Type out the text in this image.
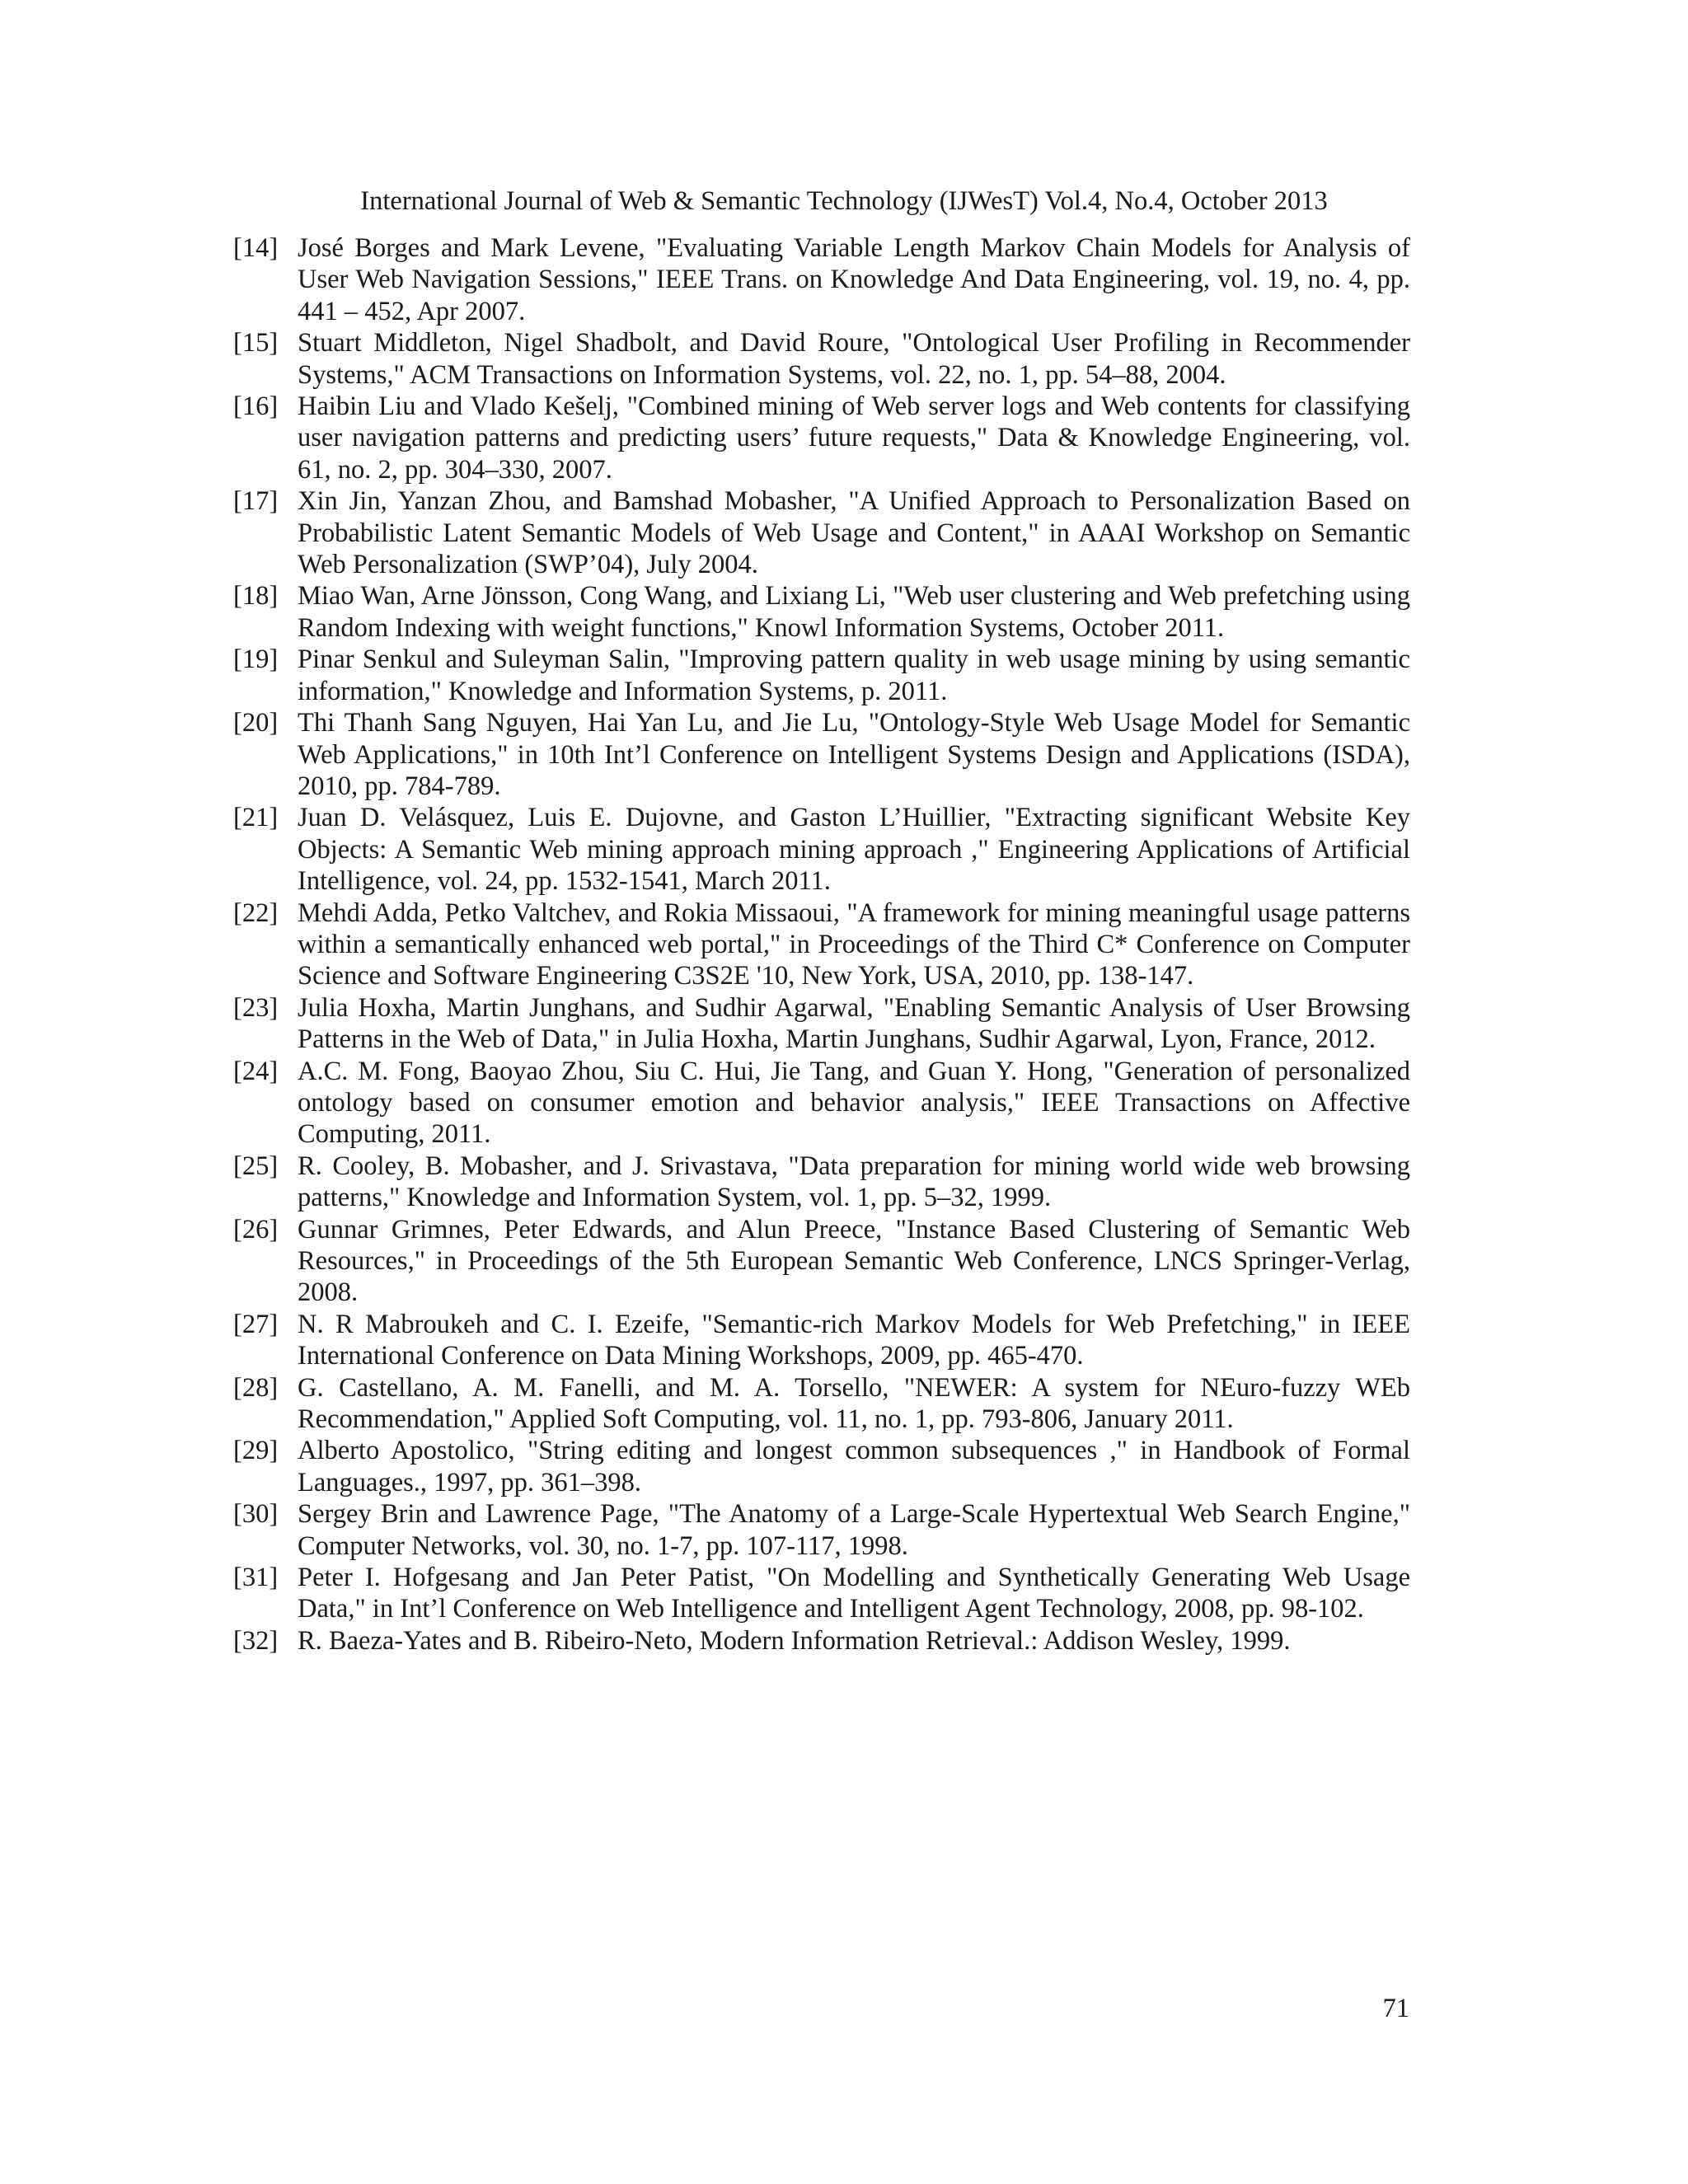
International Journal of Web & Semantic Technology (IJWesT) Vol.4, No.4, October 2013
[14] José Borges and Mark Levene, "Evaluating Variable Length Markov Chain Models for Analysis of User Web Navigation Sessions," IEEE Trans. on Knowledge And Data Engineering, vol. 19, no. 4, pp. 441 – 452, Apr 2007.
[15] Stuart Middleton, Nigel Shadbolt, and David Roure, "Ontological User Profiling in Recommender Systems," ACM Transactions on Information Systems, vol. 22, no. 1, pp. 54–88, 2004.
[16] Haibin Liu and Vlado Kešelj, "Combined mining of Web server logs and Web contents for classifying user navigation patterns and predicting users’ future requests," Data & Knowledge Engineering, vol. 61, no. 2, pp. 304–330, 2007.
[17] Xin Jin, Yanzan Zhou, and Bamshad Mobasher, "A Unified Approach to Personalization Based on Probabilistic Latent Semantic Models of Web Usage and Content," in AAAI Workshop on Semantic Web Personalization (SWP’04), July 2004.
[18] Miao Wan, Arne Jönsson, Cong Wang, and Lixiang Li, "Web user clustering and Web prefetching using Random Indexing with weight functions," Knowl Information Systems, October 2011.
[19] Pinar Senkul and Suleyman Salin, "Improving pattern quality in web usage mining by using semantic information," Knowledge and Information Systems, p. 2011.
[20] Thi Thanh Sang Nguyen, Hai Yan Lu, and Jie Lu, "Ontology-Style Web Usage Model for Semantic Web Applications," in 10th Int’l Conference on Intelligent Systems Design and Applications (ISDA), 2010, pp. 784-789.
[21] Juan D. Velásquez, Luis E. Dujovne, and Gaston L’Huillier, "Extracting significant Website Key Objects: A Semantic Web mining approach mining approach ," Engineering Applications of Artificial Intelligence, vol. 24, pp. 1532-1541, March 2011.
[22] Mehdi Adda, Petko Valtchev, and Rokia Missaoui, "A framework for mining meaningful usage patterns within a semantically enhanced web portal," in Proceedings of the Third C* Conference on Computer Science and Software Engineering C3S2E '10, New York, USA, 2010, pp. 138-147.
[23] Julia Hoxha, Martin Junghans, and Sudhir Agarwal, "Enabling Semantic Analysis of User Browsing Patterns in the Web of Data," in Julia Hoxha, Martin Junghans, Sudhir Agarwal, Lyon, France, 2012.
[24] A.C. M. Fong, Baoyao Zhou, Siu C. Hui, Jie Tang, and Guan Y. Hong, "Generation of personalized ontology based on consumer emotion and behavior analysis," IEEE Transactions on Affective Computing, 2011.
[25] R. Cooley, B. Mobasher, and J. Srivastava, "Data preparation for mining world wide web browsing patterns," Knowledge and Information System, vol. 1, pp. 5–32, 1999.
[26] Gunnar Grimnes, Peter Edwards, and Alun Preece, "Instance Based Clustering of Semantic Web Resources," in Proceedings of the 5th European Semantic Web Conference, LNCS Springer-Verlag, 2008.
[27] N. R Mabroukeh and C. I. Ezeife, "Semantic-rich Markov Models for Web Prefetching," in IEEE International Conference on Data Mining Workshops, 2009, pp. 465-470.
[28] G. Castellano, A. M. Fanelli, and M. A. Torsello, "NEWER: A system for NEuro-fuzzy WEb Recommendation," Applied Soft Computing, vol. 11, no. 1, pp. 793-806, January 2011.
[29] Alberto Apostolico, "String editing and longest common subsequences ," in Handbook of Formal Languages., 1997, pp. 361–398.
[30] Sergey Brin and Lawrence Page, "The Anatomy of a Large-Scale Hypertextual Web Search Engine," Computer Networks, vol. 30, no. 1-7, pp. 107-117, 1998.
[31] Peter I. Hofgesang and Jan Peter Patist, "On Modelling and Synthetically Generating Web Usage Data," in Int’l Conference on Web Intelligence and Intelligent Agent Technology, 2008, pp. 98-102.
[32] R. Baeza-Yates and B. Ribeiro-Neto, Modern Information Retrieval.: Addison Wesley, 1999.
71
